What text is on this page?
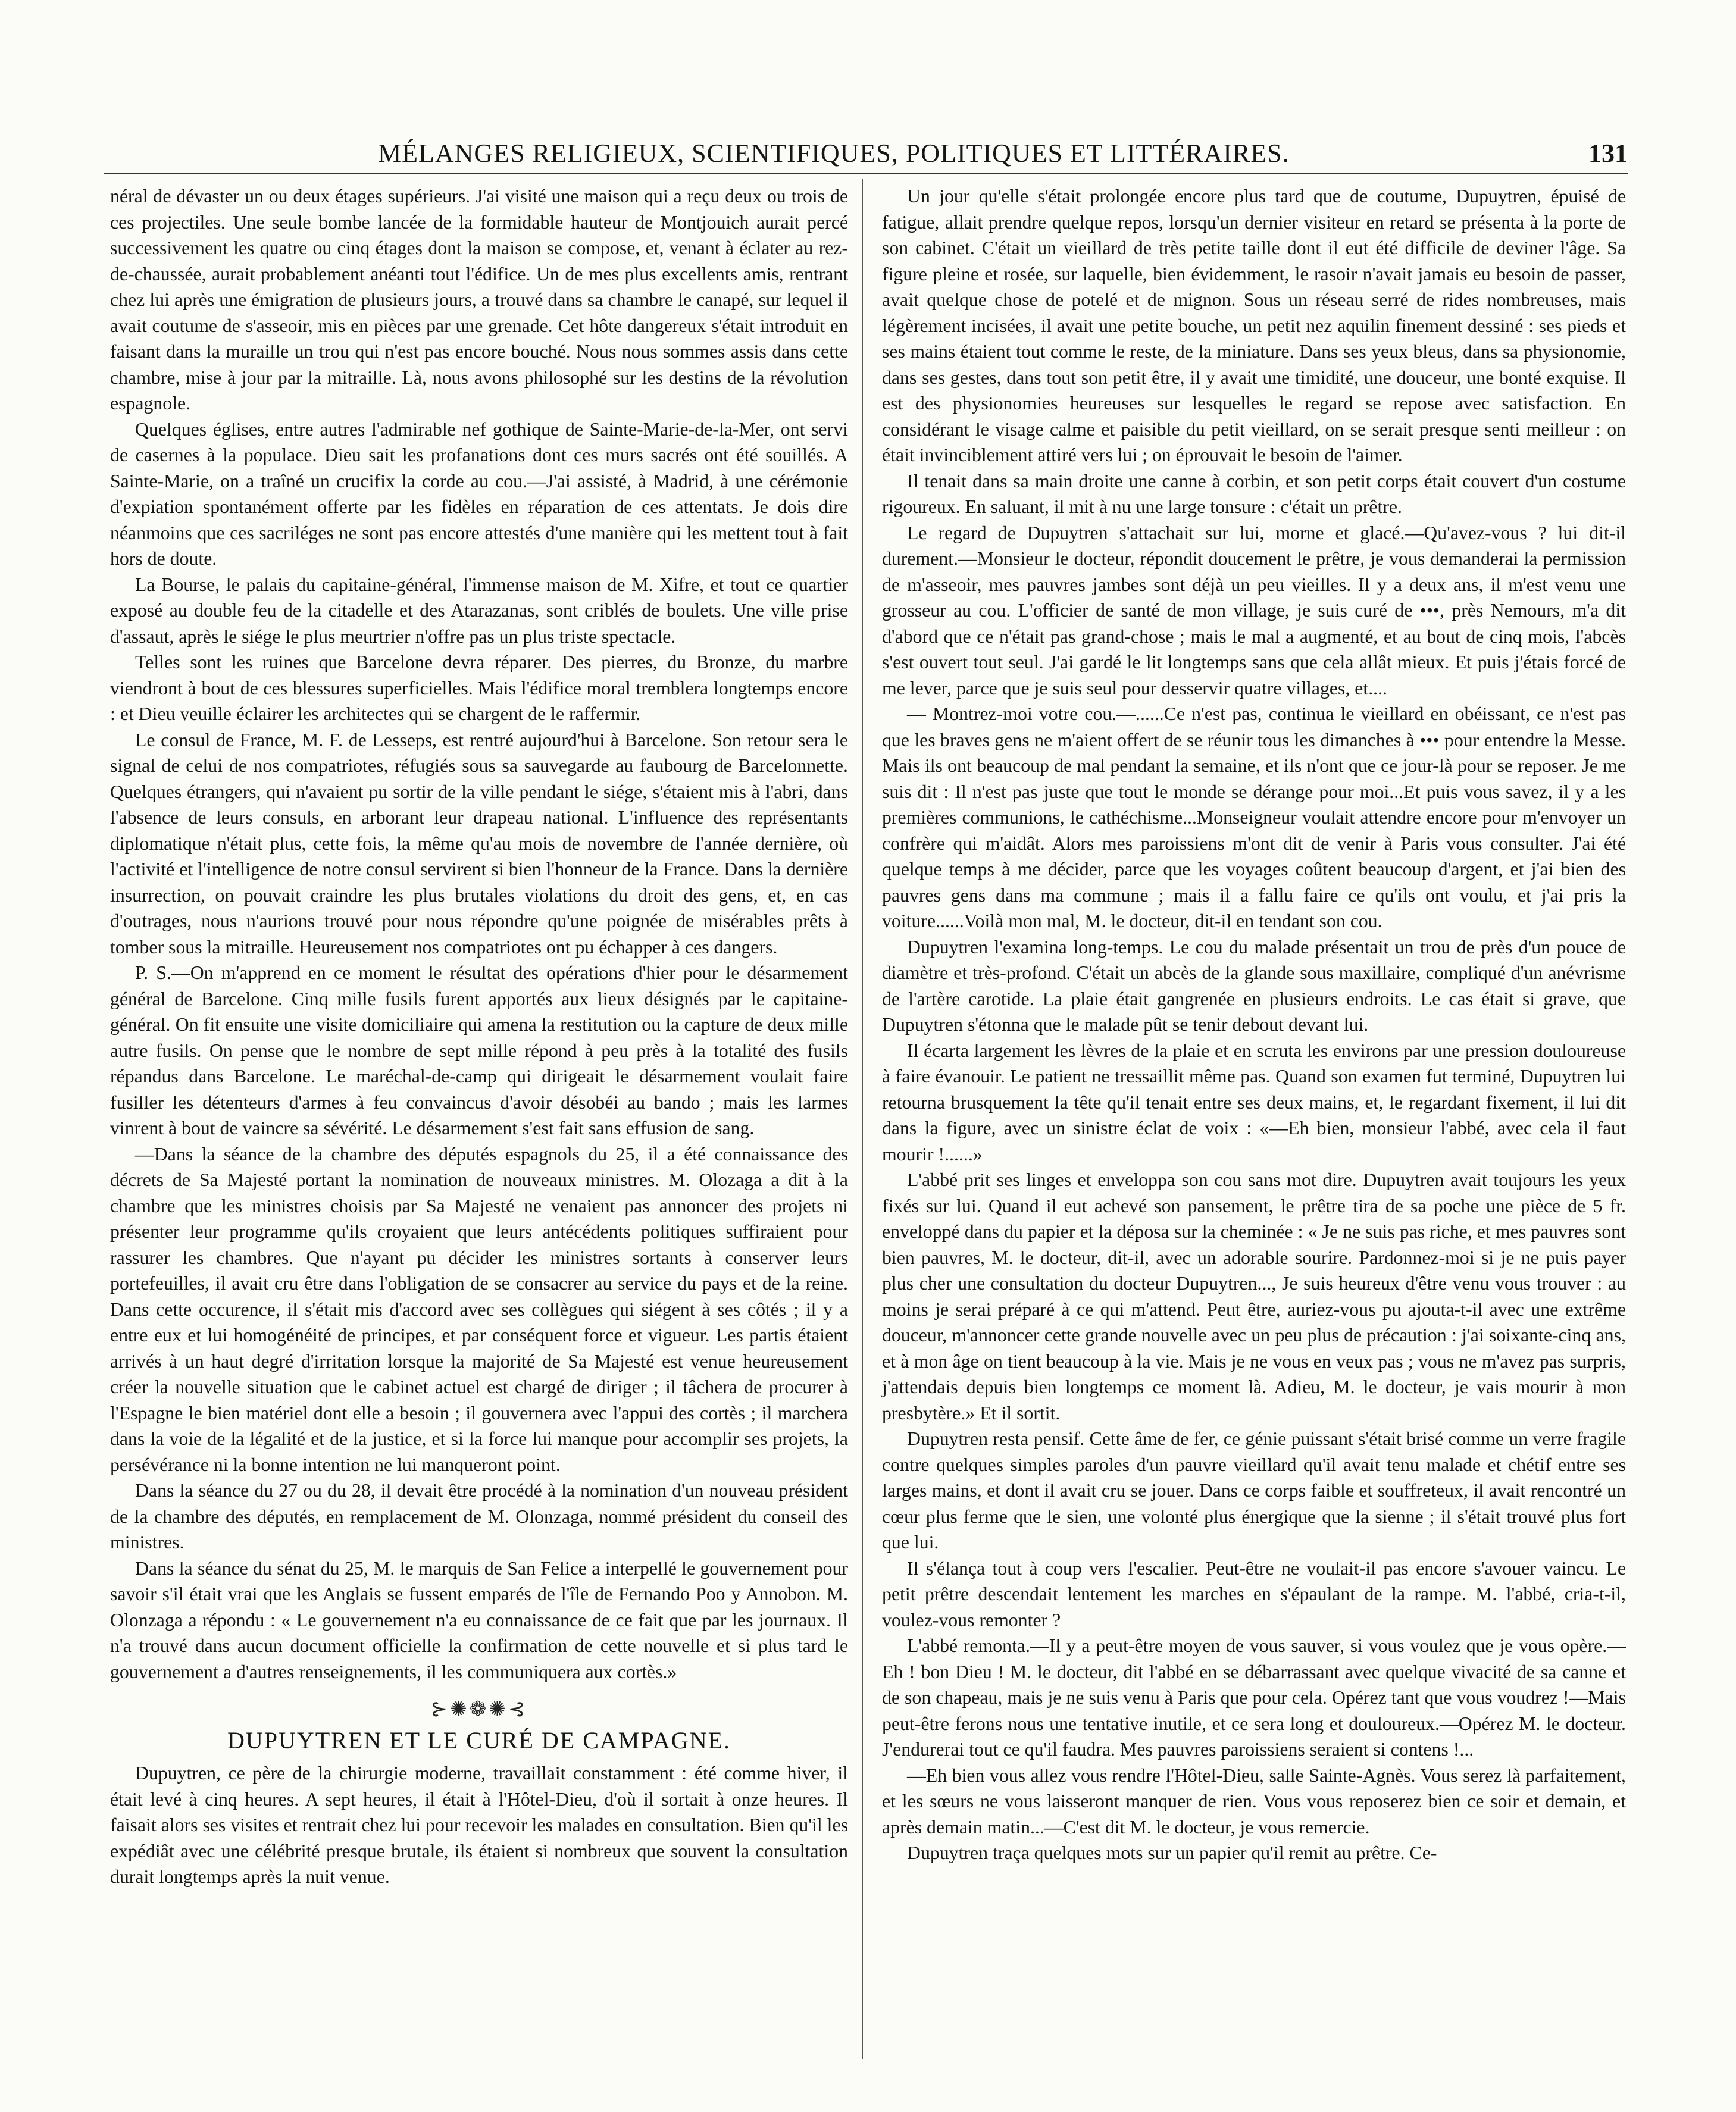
MÉLANGES RELIGIEUX, SCIENTIFIQUES, POLITIQUES ET LITTÉRAIRES.	131

néral de dévaster un ou deux étages supérieurs. J'ai visité une maison qui a reçu deux ou trois de ces projectiles. Une seule bombe lancée de la formidable hauteur de Montjouich aurait percé successivement les quatre ou cinq étages dont la maison se compose, et, venant à éclater au rez-de-chaussée, aurait probablement anéanti tout l'édifice. Un de mes plus excellents amis, rentrant chez lui après une émigration de plusieurs jours, a trouvé dans sa chambre le canapé, sur lequel il avait coutume de s'asseoir, mis en pièces par une grenade. Cet hôte dangereux s'était introduit en faisant dans la muraille un trou qui n'est pas encore bouché. Nous nous sommes assis dans cette chambre, mise à jour par la mitraille. Là, nous avons philosophé sur les destins de la révolution espagnole.

Quelques églises, entre autres l'admirable nef gothique de Sainte-Marie-de-la-Mer, ont servi de casernes à la populace. Dieu sait les profanations dont ces murs sacrés ont été souillés. A Sainte-Marie, on a traîné un crucifix la corde au cou.—J'ai assisté, à Madrid, à une cérémonie d'expiation spontanément offerte par les fidèles en réparation de ces attentats. Je dois dire néanmoins que ces sacriléges ne sont pas encore attestés d'une manière qui les mettent tout à fait hors de doute.

La Bourse, le palais du capitaine-général, l'immense maison de M. Xifre, et tout ce quartier exposé au double feu de la citadelle et des Atarazanas, sont criblés de boulets. Une ville prise d'assaut, après le siége le plus meurtrier n'offre pas un plus triste spectacle.

Telles sont les ruines que Barcelone devra réparer. Des pierres, du Bronze, du marbre viendront à bout de ces blessures superficielles. Mais l'édifice moral tremblera longtemps encore : et Dieu veuille éclairer les architectes qui se chargent de le raffermir.

Le consul de France, M. F. de Lesseps, est rentré aujourd'hui à Barcelone. Son retour sera le signal de celui de nos compatriotes, réfugiés sous sa sauvegarde au faubourg de Barcelonnette. Quelques étrangers, qui n'avaient pu sortir de la ville pendant le siége, s'étaient mis à l'abri, dans l'absence de leurs consuls, en arborant leur drapeau national. L'influence des représentants diplomatique n'était plus, cette fois, la même qu'au mois de novembre de l'année dernière, où l'activité et l'intelligence de notre consul servirent si bien l'honneur de la France. Dans la dernière insurrection, on pouvait craindre les plus brutales violations du droit des gens, et, en cas d'outrages, nous n'aurions trouvé pour nous répondre qu'une poignée de misérables prêts à tomber sous la mitraille. Heureusement nos compatriotes ont pu échapper à ces dangers.

P. S.—On m'apprend en ce moment le résultat des opérations d'hier pour le désarmement général de Barcelone. Cinq mille fusils furent apportés aux lieux désignés par le capitaine-général. On fit ensuite une visite domiciliaire qui amena la restitution ou la capture de deux mille autre fusils. On pense que le nombre de sept mille répond à peu près à la totalité des fusils répandus dans Barcelone. Le maréchal-de-camp qui dirigeait le désarmement voulait faire fusiller les détenteurs d'armes à feu convaincus d'avoir désobéi au bando ; mais les larmes vinrent à bout de vaincre sa sévérité. Le désarmement s'est fait sans effusion de sang.

—Dans la séance de la chambre des députés espagnols du 25, il a été connaissance des décrets de Sa Majesté portant la nomination de nouveaux ministres. M. Olozaga a dit à la chambre que les ministres choisis par Sa Majesté ne venaient pas annoncer des projets ni présenter leur programme qu'ils croyaient que leurs antécédents politiques suffiraient pour rassurer les chambres. Que n'ayant pu décider les ministres sortants à conserver leurs portefeuilles, il avait cru être dans l'obligation de se consacrer au service du pays et de la reine. Dans cette occurence, il s'était mis d'accord avec ses collègues qui siégent à ses côtés ; il y a entre eux et lui homogénéité de principes, et par conséquent force et vigueur. Les partis étaient arrivés à un haut degré d'irritation lorsque la majorité de Sa Majesté est venue heureusement créer la nouvelle situation que le cabinet actuel est chargé de diriger ; il tâchera de procurer à l'Espagne le bien matériel dont elle a besoin ; il gouvernera avec l'appui des cortès ; il marchera dans la voie de la légalité et de la justice, et si la force lui manque pour accomplir ses projets, la persévérance ni la bonne intention ne lui manqueront point.

Dans la séance du 27 ou du 28, il devait être procédé à la nomination d'un nouveau président de la chambre des députés, en remplacement de M. Olonzaga, nommé président du conseil des ministres.

Dans la séance du sénat du 25, M. le marquis de San Felice a interpellé le gouvernement pour savoir s'il était vrai que les Anglais se fussent emparés de l'île de Fernando Poo y Annobon. M. Olonzaga a répondu : « Le gouvernement n'a eu connaissance de ce fait que par les journaux. Il n'a trouvé dans aucun document officielle la confirmation de cette nouvelle et si plus tard le gouvernement a d'autres renseignements, il les communiquera aux cortès.»

⊱✺❁✺⊰
DUPUYTREN ET LE CURÉ DE CAMPAGNE.

Dupuytren, ce père de la chirurgie moderne, travaillait constamment : été comme hiver, il était levé à cinq heures. A sept heures, il était à l'Hôtel-Dieu, d'où il sortait à onze heures. Il faisait alors ses visites et rentrait chez lui pour recevoir les malades en consultation. Bien qu'il les expédiât avec une célébrité presque brutale, ils étaient si nombreux que souvent la consultation durait longtemps après la nuit venue.

Un jour qu'elle s'était prolongée encore plus tard que de coutume, Dupuytren, épuisé de fatigue, allait prendre quelque repos, lorsqu'un dernier visiteur en retard se présenta à la porte de son cabinet. C'était un vieillard de très petite taille dont il eut été difficile de deviner l'âge. Sa figure pleine et rosée, sur laquelle, bien évidemment, le rasoir n'avait jamais eu besoin de passer, avait quelque chose de potelé et de mignon. Sous un réseau serré de rides nombreuses, mais légèrement incisées, il avait une petite bouche, un petit nez aquilin finement dessiné : ses pieds et ses mains étaient tout comme le reste, de la miniature. Dans ses yeux bleus, dans sa physionomie, dans ses gestes, dans tout son petit être, il y avait une timidité, une douceur, une bonté exquise. Il est des physionomies heureuses sur lesquelles le regard se repose avec satisfaction. En considérant le visage calme et paisible du petit vieillard, on se serait presque senti meilleur : on était invinciblement attiré vers lui ; on éprouvait le besoin de l'aimer.

Il tenait dans sa main droite une canne à corbin, et son petit corps était couvert d'un costume rigoureux. En saluant, il mit à nu une large tonsure : c'était un prêtre.

Le regard de Dupuytren s'attachait sur lui, morne et glacé.—Qu'avez-vous ? lui dit-il durement.—Monsieur le docteur, répondit doucement le prêtre, je vous demanderai la permission de m'asseoir, mes pauvres jambes sont déjà un peu vieilles. Il y a deux ans, il m'est venu une grosseur au cou. L'officier de santé de mon village, je suis curé de •••, près Nemours, m'a dit d'abord que ce n'était pas grand-chose ; mais le mal a augmenté, et au bout de cinq mois, l'abcès s'est ouvert tout seul. J'ai gardé le lit longtemps sans que cela allât mieux. Et puis j'étais forcé de me lever, parce que je suis seul pour desservir quatre villages, et....

— Montrez-moi votre cou.—......Ce n'est pas, continua le vieillard en obéissant, ce n'est pas que les braves gens ne m'aient offert de se réunir tous les dimanches à ••• pour entendre la Messe. Mais ils ont beaucoup de mal pendant la semaine, et ils n'ont que ce jour-là pour se reposer. Je me suis dit : Il n'est pas juste que tout le monde se dérange pour moi...Et puis vous savez, il y a les premières communions, le cathéchisme...Monseigneur voulait attendre encore pour m'envoyer un confrère qui m'aidât. Alors mes paroissiens m'ont dit de venir à Paris vous consulter. J'ai été quelque temps à me décider, parce que les voyages coûtent beaucoup d'argent, et j'ai bien des pauvres gens dans ma commune ; mais il a fallu faire ce qu'ils ont voulu, et j'ai pris la voiture......Voilà mon mal, M. le docteur, dit-il en tendant son cou.

Dupuytren l'examina long-temps. Le cou du malade présentait un trou de près d'un pouce de diamètre et très-profond. C'était un abcès de la glande sous maxillaire, compliqué d'un anévrisme de l'artère carotide. La plaie était gangrenée en plusieurs endroits. Le cas était si grave, que Dupuytren s'étonna que le malade pût se tenir debout devant lui.

Il écarta largement les lèvres de la plaie et en scruta les environs par une pression douloureuse à faire évanouir. Le patient ne tressaillit même pas. Quand son examen fut terminé, Dupuytren lui retourna brusquement la tête qu'il tenait entre ses deux mains, et, le regardant fixement, il lui dit dans la figure, avec un sinistre éclat de voix : «—Eh bien, monsieur l'abbé, avec cela il faut mourir !......»

L'abbé prit ses linges et enveloppa son cou sans mot dire. Dupuytren avait toujours les yeux fixés sur lui. Quand il eut achevé son pansement, le prêtre tira de sa poche une pièce de 5 fr. enveloppé dans du papier et la déposa sur la cheminée : « Je ne suis pas riche, et mes pauvres sont bien pauvres, M. le docteur, dit-il, avec un adorable sourire. Pardonnez-moi si je ne puis payer plus cher une consultation du docteur Dupuytren..., Je suis heureux d'être venu vous trouver : au moins je serai préparé à ce qui m'attend. Peut être, auriez-vous pu ajouta-t-il avec une extrême douceur, m'annoncer cette grande nouvelle avec un peu plus de précaution : j'ai soixante-cinq ans, et à mon âge on tient beaucoup à la vie. Mais je ne vous en veux pas ; vous ne m'avez pas surpris, j'attendais depuis bien longtemps ce moment là. Adieu, M. le docteur, je vais mourir à mon presbytère.» Et il sortit.

Dupuytren resta pensif. Cette âme de fer, ce génie puissant s'était brisé comme un verre fragile contre quelques simples paroles d'un pauvre vieillard qu'il avait tenu malade et chétif entre ses larges mains, et dont il avait cru se jouer. Dans ce corps faible et souffreteux, il avait rencontré un cœur plus ferme que le sien, une volonté plus énergique que la sienne ; il s'était trouvé plus fort que lui.

Il s'élança tout à coup vers l'escalier. Peut-être ne voulait-il pas encore s'avouer vaincu. Le petit prêtre descendait lentement les marches en s'épaulant de la rampe. M. l'abbé, cria-t-il, voulez-vous remonter ?

L'abbé remonta.—Il y a peut-être moyen de vous sauver, si vous voulez que je vous opère.—Eh ! bon Dieu ! M. le docteur, dit l'abbé en se débarrassant avec quelque vivacité de sa canne et de son chapeau, mais je ne suis venu à Paris que pour cela. Opérez tant que vous voudrez !—Mais peut-être ferons nous une tentative inutile, et ce sera long et douloureux.—Opérez M. le docteur. J'endurerai tout ce qu'il faudra. Mes pauvres paroissiens seraient si contens !...

—Eh bien vous allez vous rendre l'Hôtel-Dieu, salle Sainte-Agnès. Vous serez là parfaitement, et les sœurs ne vous laisseront manquer de rien. Vous vous reposerez bien ce soir et demain, et après demain matin...—C'est dit M. le docteur, je vous remercie.

Dupuytren traça quelques mots sur un papier qu'il remit au prêtre. Ce-
